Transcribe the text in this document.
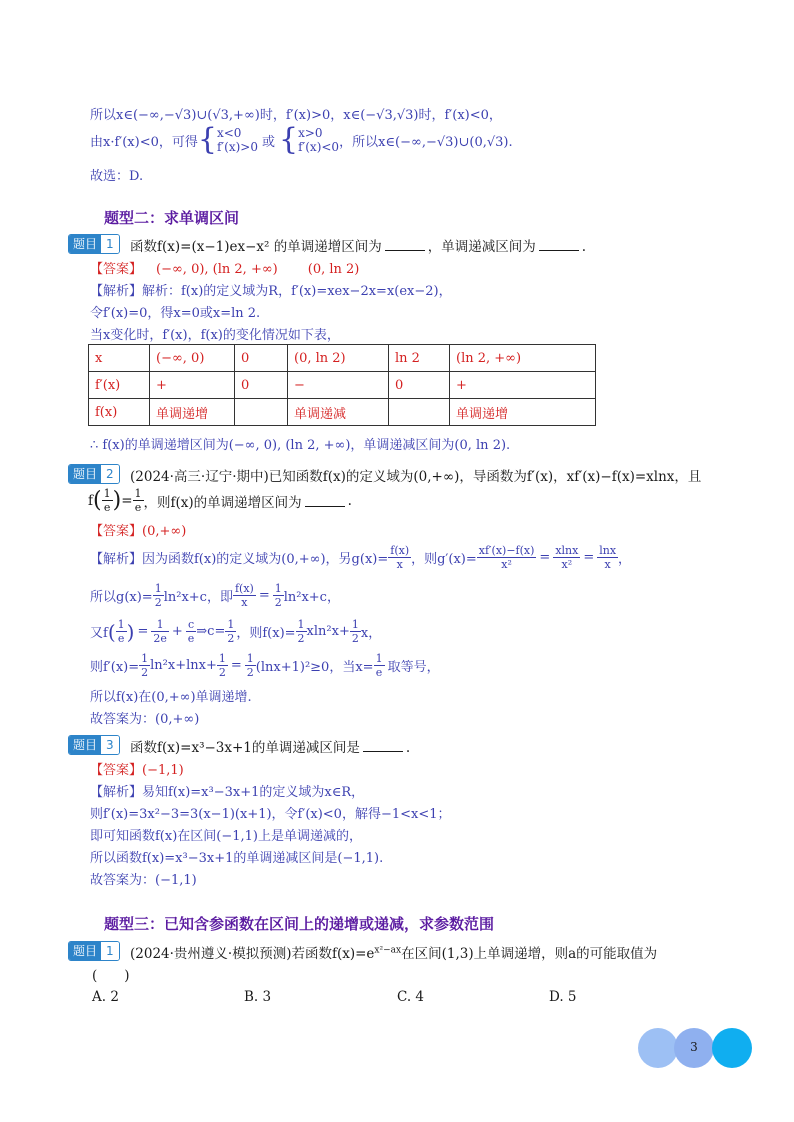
所以x∈(−∞,−√3)∪(√3,+∞)时，f′(x)>0，x∈(−√3,√3)时，f′(x)<0，
由x·f′(x)<0，可得 { x<0
f′(x)>0 或 { x>0
f′(x)<0 ，所以x∈(−∞,−√3)∪(0,√3).
故选：D.
题型二：求单调区间
题目 1	函数f(x)=(x−1)ex−x² 的单调递增区间为	，单调递减区间为	.
【答案】 (−∞, 0), (ln 2, +∞) (0, ln 2)
【解析】解析：f(x)的定义域为R，f′(x)=xex−2x=x(ex−2)，
令f′(x)=0，得x=0或x=ln 2.
当x变化时，f′(x)，f(x)的变化情况如下表，
x	(−∞, 0)	0	(0, ln 2)	ln 2	(ln 2, +∞)
f′(x)	+	0	−	0	+
f(x)	单调递增		单调递减		单调递增
∴ f(x)的单调递增区间为(−∞, 0), (ln 2, +∞)，单调递减区间为(0, ln 2).
题目 2	(2024·高三·辽宁·期中)已知函数f(x)的定义域为(0,+∞)，导函数为f′(x)，xf′(x)−f(x)=xlnx，且
f ( $\frac{1}{e}$ ) = $\frac{1}{e}$ ，则f(x)的单调递增区间为	.
【答案】(0,+∞)
【解析】因为函数f(x)的定义域为(0,+∞)，另$g(x)= \frac{f(x)}{x}$ ，则$g'(x)= \frac{xf'(x)-f(x)}{\text{x²}} = \frac{xlnx}{\text{x²}} = \frac{\ln x}{x}$ ，
所以$g(x)= \frac{1}{2} \ln^2x+c$，即 $\frac{f(x)}{x} = \frac{1}{2} \ln^2x+c$，
又f ( $\frac{1}{e}$ ) = $\frac{1}{2e} + \frac{c}{e}$ ⇒c= $\frac{1}{2}$ ，则$f(x)= \frac{1}{2} xln^2x+ \frac{1}{2}$ x，
则$f'(x)= \frac{1}{2} \ln^2x+\ln x+ \frac{1}{2} = \frac{1}{2} (\ln x+1)^2\ge 0$，当$x= \frac{1}{e}$ 取等号，
所以f(x)在(0,+∞)单调递增.
故答案为：(0,+∞)
题目 3	函数f(x)=x³−3x+1的单调递减区间是	.
【答案】(−1,1)
【解析】易知f(x)=x³−3x+1的定义域为x∈R，
则f′(x)=3x²−3=3(x−1)(x+1)，令f′(x)<0，解得−1<x<1；
即可知函数f(x)在区间(−1,1)上是单调递减的，
所以函数f(x)=x³−3x+1的单调递减区间是(−1,1).
故答案为：(−1,1)
题型三：已知含参函数在区间上的递增或递减，求参数范围
题目 1	(2024·贵州遵义·模拟预测)若函数$f(x)=e^{x^2-ax}$在区间(1,3)上单调递增，则a的可能取值为
(　　)
A. 2	B. 3	C. 4	D. 5
3
